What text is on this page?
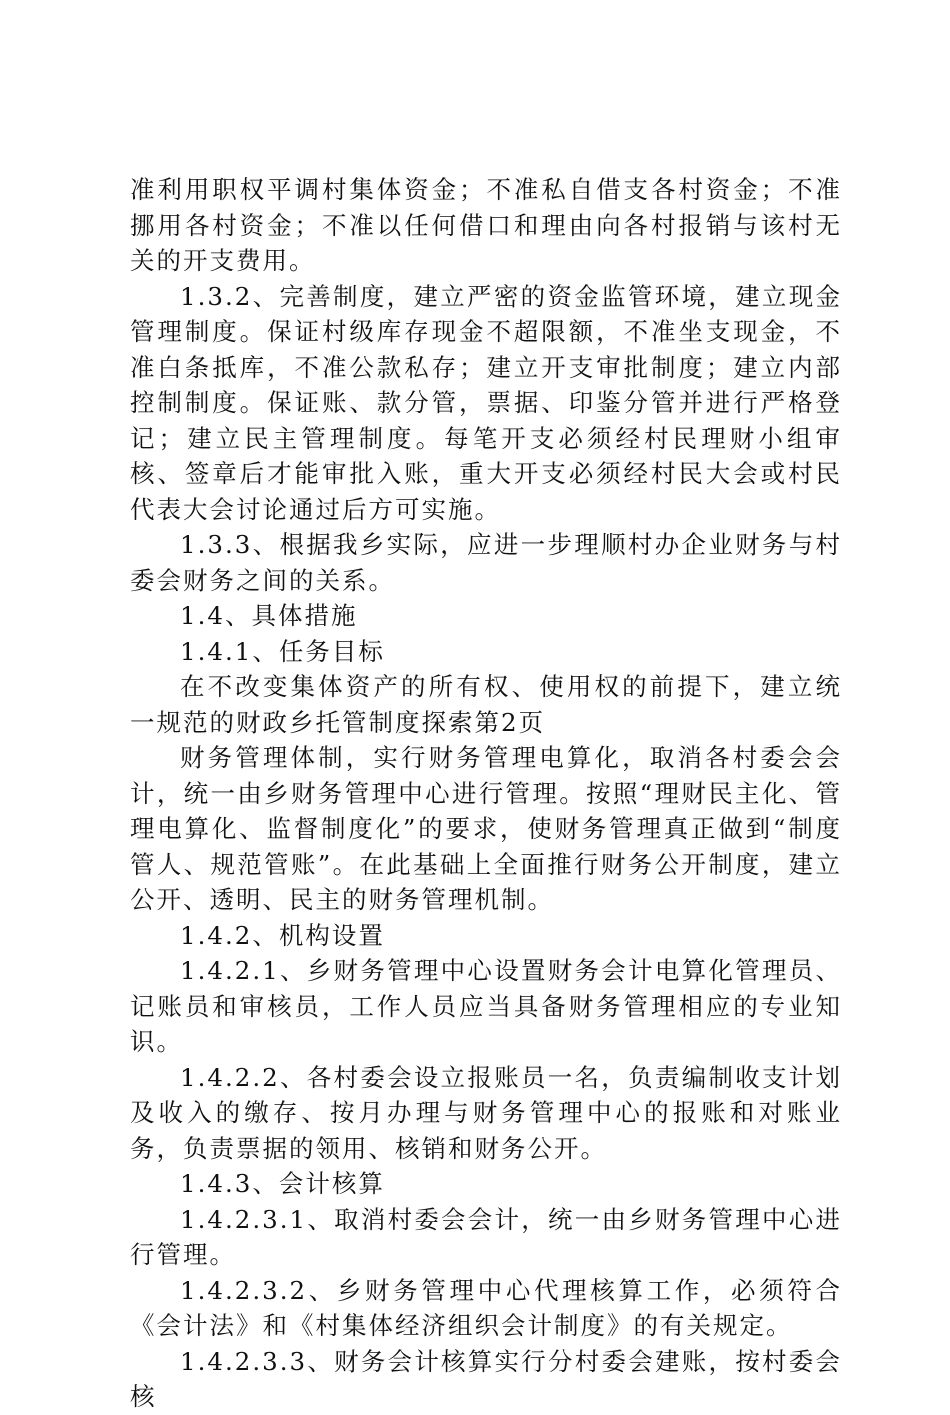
准利用职权平调村集体资金；不准私自借支各村资金；不准挪用各村资金；不准以任何借口和理由向各村报销与该村无关的开支费用。

1.3.2、完善制度，建立严密的资金监管环境，建立现金管理制度。保证村级库存现金不超限额，不准坐支现金，不准白条抵库，不准公款私存；建立开支审批制度；建立内部控制制度。保证账、款分管，票据、印鉴分管并进行严格登记；建立民主管理制度。每笔开支必须经村民理财小组审核、签章后才能审批入账，重大开支必须经村民大会或村民代表大会讨论通过后方可实施。

1.3.3、根据我乡实际，应进一步理顺村办企业财务与村委会财务之间的关系。

1.4、具体措施

1.4.1、任务目标

在不改变集体资产的所有权、使用权的前提下，建立统一规范的财政乡托管制度探索第2页

财务管理体制，实行财务管理电算化，取消各村委会会计，统一由乡财务管理中心进行管理。按照“理财民主化、管理电算化、监督制度化”的要求，使财务管理真正做到“制度管人、规范管账”。在此基础上全面推行财务公开制度，建立公开、透明、民主的财务管理机制。

1.4.2、机构设置

1.4.2.1、乡财务管理中心设置财务会计电算化管理员、记账员和审核员，工作人员应当具备财务管理相应的专业知识。

1.4.2.2、各村委会设立报账员一名，负责编制收支计划及收入的缴存、按月办理与财务管理中心的报账和对账业务，负责票据的领用、核销和财务公开。

1.4.3、会计核算

1.4.2.3.1、取消村委会会计，统一由乡财务管理中心进行管理。

1.4.2.3.2、乡财务管理中心代理核算工作，必须符合《会计法》和《村集体经济组织会计制度》的有关规定。

1.4.2.3.3、财务会计核算实行分村委会建账，按村委会核
